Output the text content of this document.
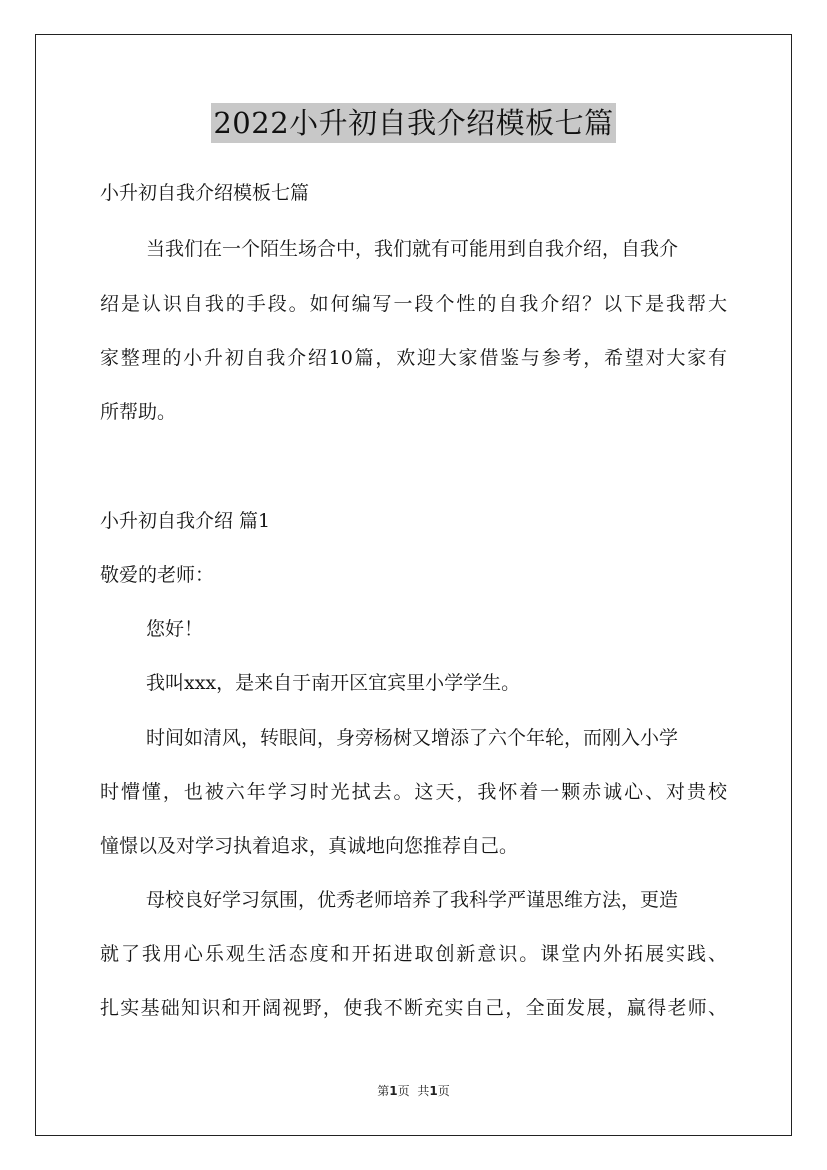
2022小升初自我介绍模板七篇
小升初自我介绍模板七篇
当我们在一个陌生场合中，我们就有可能用到自我介绍，自我介
绍是认识自我的手段。如何编写一段个性的自我介绍？以下是我帮大
家整理的小升初自我介绍10篇，欢迎大家借鉴与参考，希望对大家有
所帮助。
小升初自我介绍 篇1
敬爱的老师：
您好！
我叫xxx，是来自于南开区宜宾里小学学生。
时间如清风，转眼间，身旁杨树又增添了六个年轮，而刚入小学
时懵懂，也被六年学习时光拭去。这天，我怀着一颗赤诚心、对贵校
憧憬以及对学习执着追求，真诚地向您推荐自己。
母校良好学习氛围，优秀老师培养了我科学严谨思维方法，更造
就了我用心乐观生活态度和开拓进取创新意识。课堂内外拓展实践、
扎实基础知识和开阔视野，使我不断充实自己，全面发展，赢得老师、
第1页 共1页
